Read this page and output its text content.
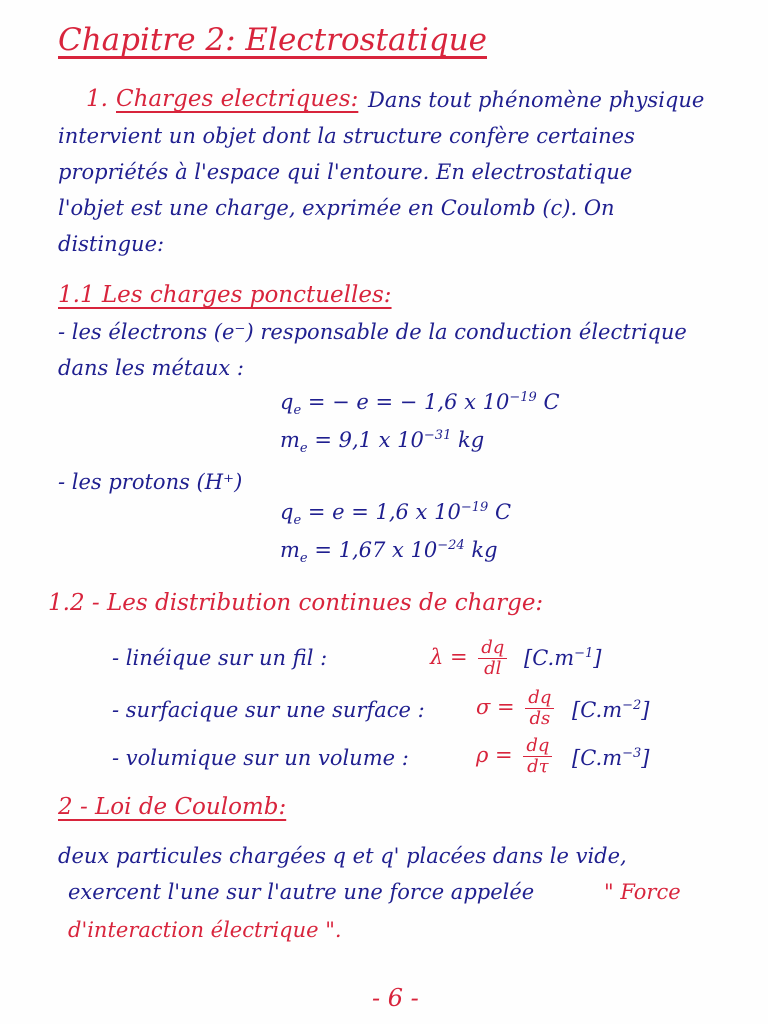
Chapitre 2: Electrostatique
1. Charges electriques: Dans tout phénomène physique
intervient un objet dont la structure confère certaines
propriétés à l'espace qui l'entoure. En electrostatique
l'objet est une charge, exprimée en Coulomb (c). On
distingue:
1.1 Les charges ponctuelles:
- les électrons (e⁻) responsable de la conduction électrique
dans les métaux :
$q_e$ = − e = − 1,6 x $10^{-19}$ C
$m_e = 9,1$ x $10^{-31}$ kg
- les protons (H⁺)
$q_e = e = 1,6$ x $10^{-19}$ C
$m_e = 1,67$ x $10^{-24}$ kg
1.2 - Les distribution continues de charge:
- linéique sur un fil :	$\lambda = \frac{dq}{dl} [C.m^{-1}]$
- surfacique sur une surface : $\sigma = \frac{dq}{ds} [C.m^{-2}]$
- volumique sur un volume :	$\rho = \frac{dq}{d\tau} [C.m^{-3}]$
2 - Loi de Coulomb:
deux particules chargées q et q' placées dans le vide,
exercent l'une sur l'autre une force appelée	" Force
d'interaction électrique ".
- 6 -
